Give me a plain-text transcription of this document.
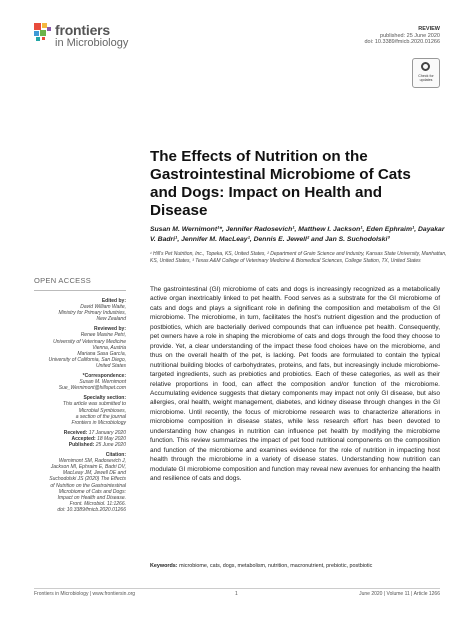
frontiers
in Microbiology
REVIEW
published: 25 June 2020
doi: 10.3389/fmicb.2020.01266
Check for
updates
The Effects of Nutrition on the Gastrointestinal Microbiome of Cats and Dogs: Impact on Health and Disease
Susan M. Wernimont¹*, Jennifer Radosevich¹, Matthew I. Jackson¹, Eden Ephraim¹, Dayakar V. Badri¹, Jennifer M. MacLeay¹, Dennis E. Jewell² and Jan S. Suchodolski³
¹ Hill's Pet Nutrition, Inc., Topeka, KS, United States, ² Department of Grain Science and Industry, Kansas State University, Manhattan, KS, United States, ³ Texas A&M College of Veterinary Medicine & Biomedical Sciences, College Station, TX, United States
OPEN ACCESS
Edited by:
David William Waite,
Ministry for Primary Industries,
New Zealand
Reviewed by:
Renee Maxine Petri,
University of Veterinary Medicine
Vienna, Austria
Mariana Sasa García,
University of California, San Diego,
United States
*Correspondence:
Susan M. Wernimont
Sue_Wernimont@hillspet.com
Specialty section:
This article was submitted to
Microbial Symbioses,
a section of the journal
Frontiers in Microbiology
Received: 17 January 2020
Accepted: 18 May 2020
Published: 25 June 2020
Citation:
Wernimont SM, Radosevich J,
Jackson MI, Ephraim E, Badri DV,
MacLeay JM, Jewell DE and
Suchodolski JS (2020) The Effects
of Nutrition on the Gastrointestinal
Microbiome of Cats and Dogs:
Impact on Health and Disease.
Front. Microbiol. 11:1266.
doi: 10.3389/fmicb.2020.01266
The gastrointestinal (GI) microbiome of cats and dogs is increasingly recognized as a metabolically active organ inextricably linked to pet health. Food serves as a substrate for the GI microbiome of cats and dogs and plays a significant role in defining the composition and metabolism of the GI microbiome. The microbiome, in turn, facilitates the host's nutrient digestion and the production of postbiotics, which are bacterially derived compounds that can influence pet health. Consequently, pet owners have a role in shaping the microbiome of cats and dogs through the food they choose to provide. Yet, a clear understanding of the impact these food choices have on the microbiome, and thus on the overall health of the pet, is lacking. Pet foods are formulated to contain the typical nutritional building blocks of carbohydrates, proteins, and fats, but increasingly include microbiome-targeted ingredients, such as prebiotics and probiotics. Each of these categories, as well as their relative proportions in food, can affect the composition and/or function of the microbiome. Accumulating evidence suggests that dietary components may impact not only GI disease, but also allergies, oral health, weight management, diabetes, and kidney disease through changes in the GI microbiome. Until recently, the focus of microbiome research was to characterize alterations in microbiome composition in disease states, while less research effort has been devoted to understanding how changes in nutrition can influence pet health by modifying the microbiome function. This review summarizes the impact of pet food nutritional components on the composition and function of the microbiome and examines evidence for the role of nutrition in impacting host health through the microbiome in a variety of disease states. Understanding how nutrition can modulate GI microbiome composition and function may reveal new avenues for enhancing the health and resilience of cats and dogs.
Keywords: microbiome, cats, dogs, metabolism, nutrition, macronutrient, prebiotic, postbiotic
Frontiers in Microbiology | www.frontiersin.org	1	June 2020 | Volume 11 | Article 1266
